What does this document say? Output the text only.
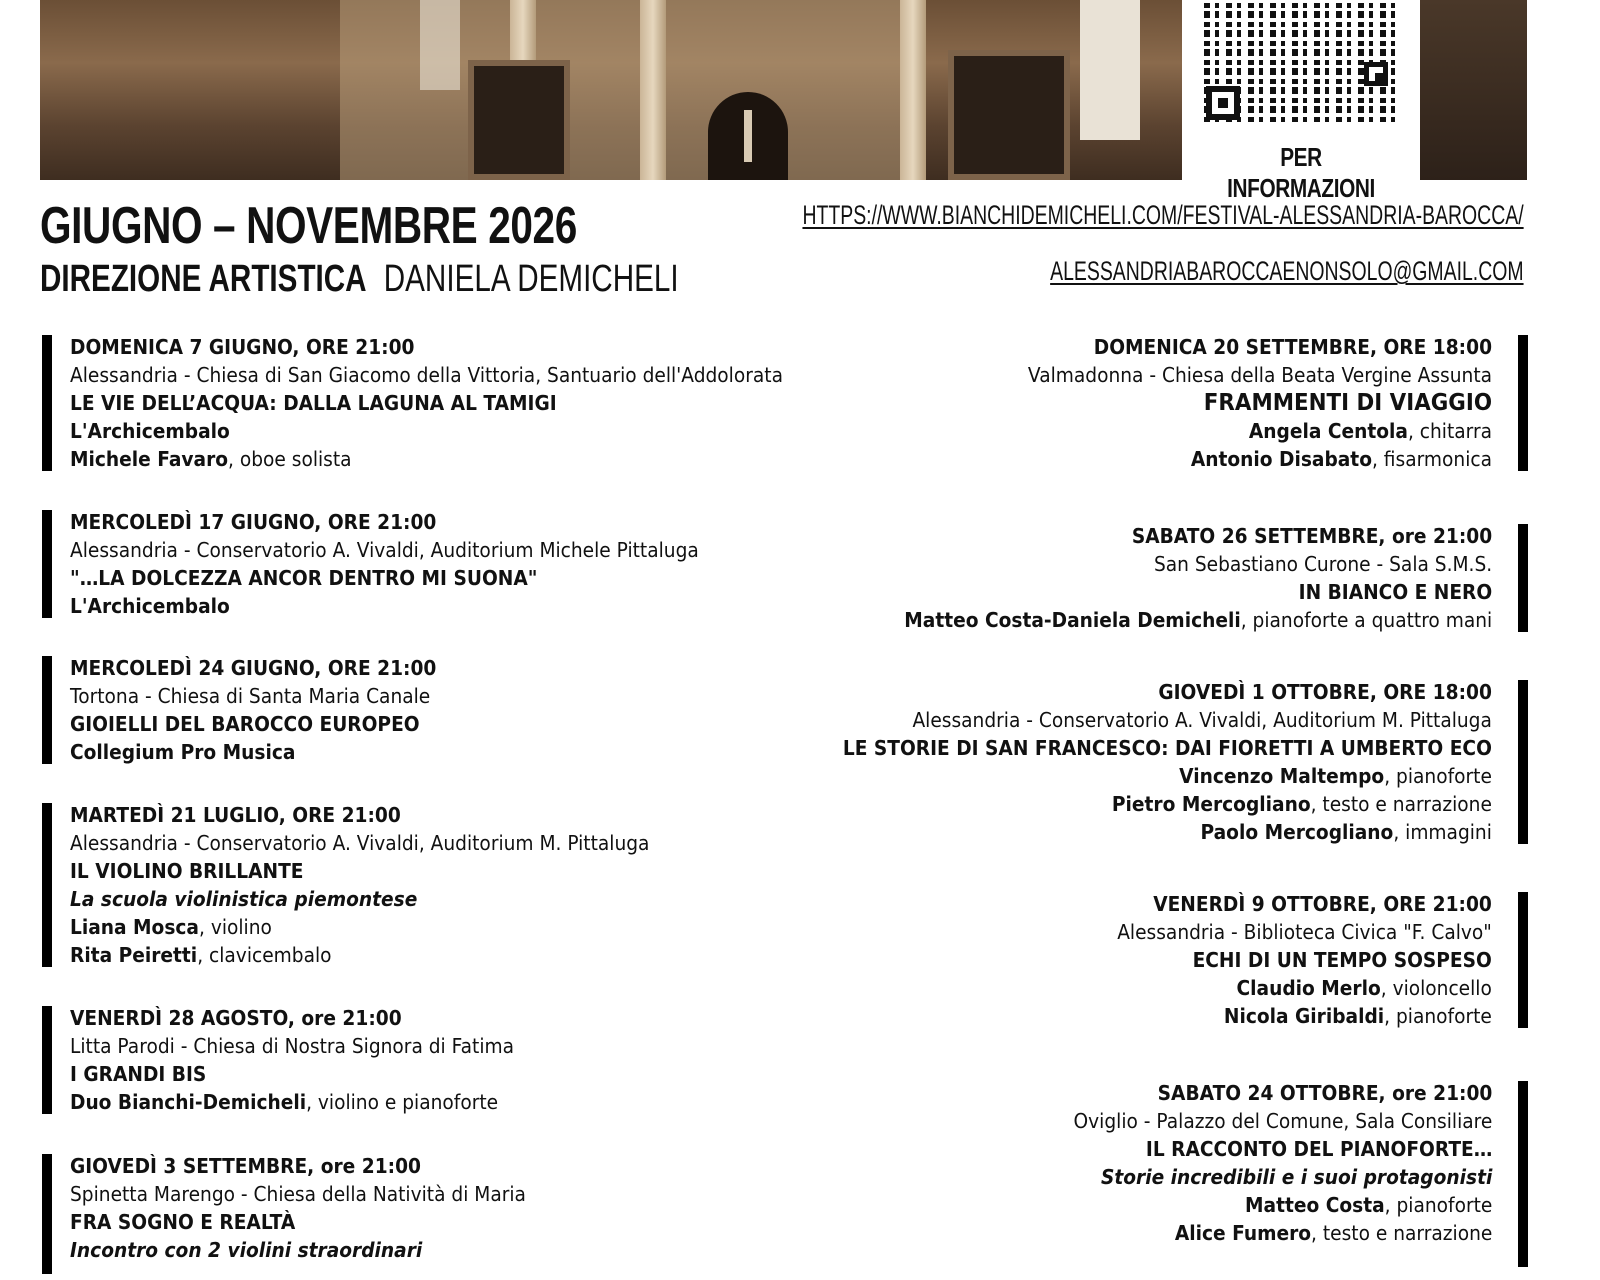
PER INFORMAZIONI
GIUGNO – NOVEMBRE 2026
DIREZIONE ARTISTICA DANIELA DEMICHELI
HTTPS://WWW.BIANCHIDEMICHELI.COM/FESTIVAL-ALESSANDRIA-BAROCCA/
ALESSANDRIABAROCCAENONSOLO@GMAIL.COM
DOMENICA 7 GIUGNO, ORE 21:00
Alessandria - Chiesa di San Giacomo della Vittoria, Santuario dell'Addolorata
LE VIE DELL’ACQUA: DALLA LAGUNA AL TAMIGI
L'Archicembalo
Michele Favaro, oboe solista
MERCOLEDÌ 17 GIUGNO, ORE 21:00
Alessandria - Conservatorio A. Vivaldi, Auditorium Michele Pittaluga
"…LA DOLCEZZA ANCOR DENTRO MI SUONA"
L'Archicembalo
MERCOLEDÌ 24 GIUGNO, ORE 21:00
Tortona - Chiesa di Santa Maria Canale
GIOIELLI DEL BAROCCO EUROPEO
Collegium Pro Musica
MARTEDÌ 21 LUGLIO, ORE 21:00
Alessandria - Conservatorio A. Vivaldi, Auditorium M. Pittaluga
IL VIOLINO BRILLANTE
La scuola violinistica piemontese
Liana Mosca, violino
Rita Peiretti, clavicembalo
VENERDÌ 28 AGOSTO, ore 21:00
Litta Parodi - Chiesa di Nostra Signora di Fatima
I GRANDI BIS
Duo Bianchi-Demicheli, violino e pianoforte
GIOVEDÌ 3 SETTEMBRE, ore 21:00
Spinetta Marengo - Chiesa della Natività di Maria
FRA SOGNO E REALTÀ
Incontro con 2 violini straordinari
DOMENICA 20 SETTEMBRE, ORE 18:00
Valmadonna - Chiesa della Beata Vergine Assunta
FRAMMENTI DI VIAGGIO
Angela Centola, chitarra
Antonio Disabato, fisarmonica
SABATO 26 SETTEMBRE, ore 21:00
San Sebastiano Curone - Sala S.M.S.
IN BIANCO E NERO
Matteo Costa-Daniela Demicheli, pianoforte a quattro mani
GIOVEDÌ 1 OTTOBRE, ORE 18:00
Alessandria - Conservatorio A. Vivaldi, Auditorium M. Pittaluga
LE STORIE DI SAN FRANCESCO: DAI FIORETTI A UMBERTO ECO
Vincenzo Maltempo, pianoforte
Pietro Mercogliano, testo e narrazione
Paolo Mercogliano, immagini
VENERDÌ 9 OTTOBRE, ORE 21:00
Alessandria - Biblioteca Civica "F. Calvo"
ECHI DI UN TEMPO SOSPESO
Claudio Merlo, violoncello
Nicola Giribaldi, pianoforte
SABATO 24 OTTOBRE, ore 21:00
Oviglio - Palazzo del Comune, Sala Consiliare
IL RACCONTO DEL PIANOFORTE…
Storie incredibili e i suoi protagonisti
Matteo Costa, pianoforte
Alice Fumero, testo e narrazione
